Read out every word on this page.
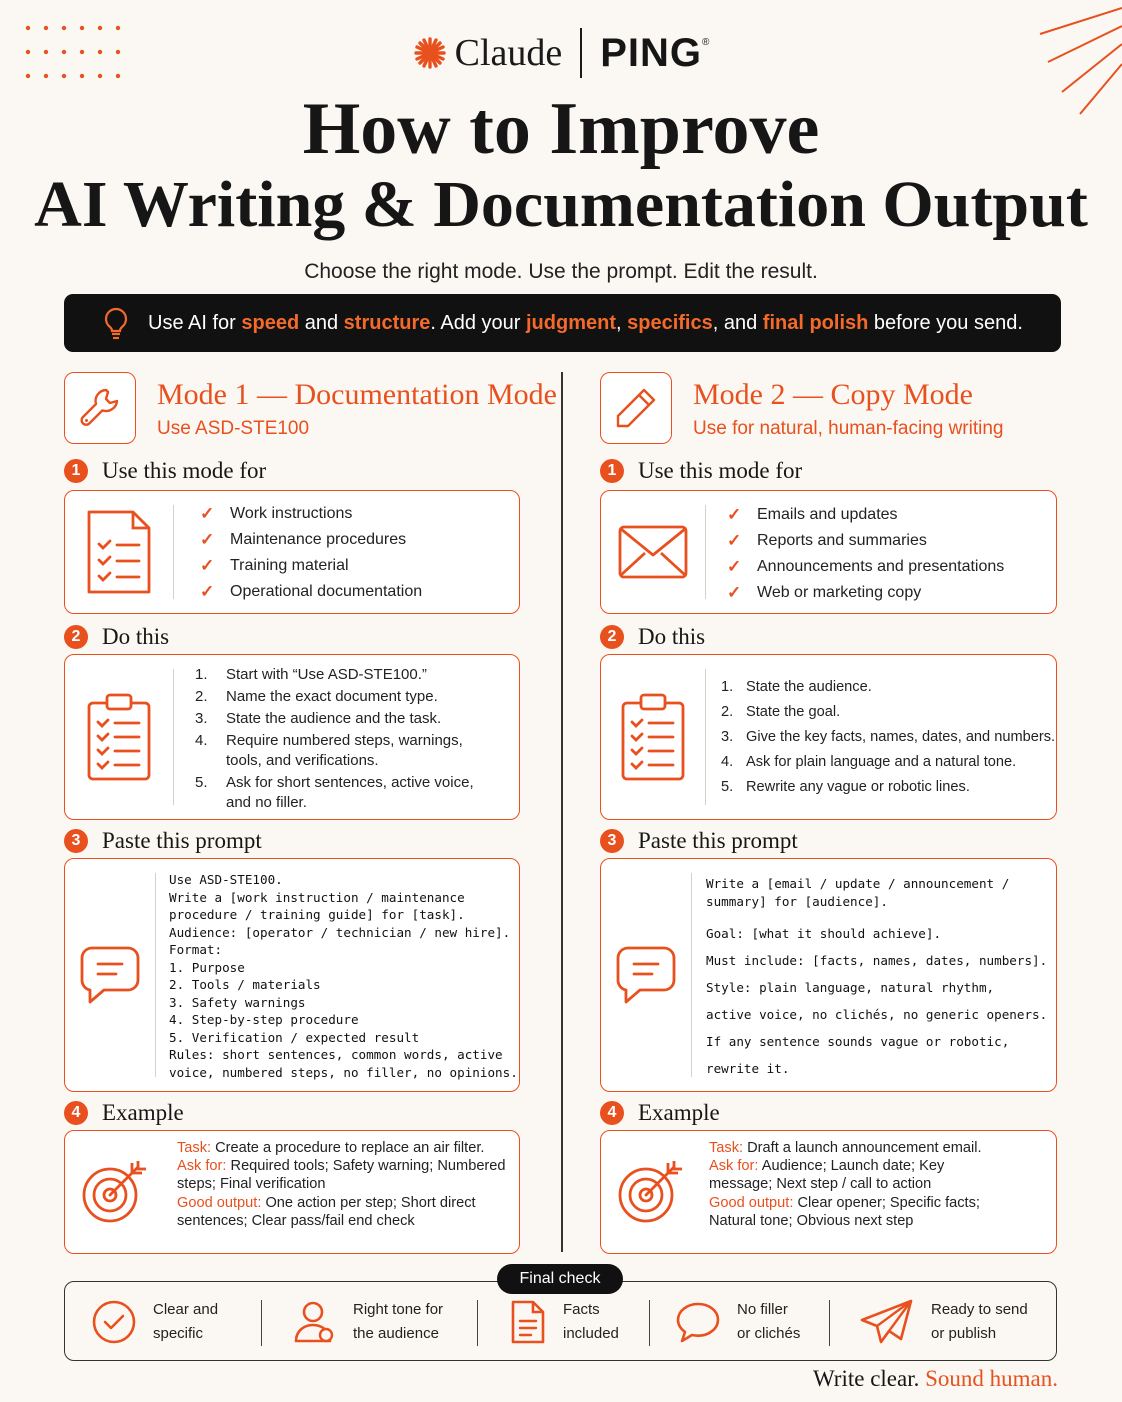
Claude PING ®
How to Improve
AI Writing & Documentation Output
Choose the right mode. Use the prompt. Edit the result.
Use AI for speed and structure. Add your judgment, specifics, and final polish before you send.
Mode 1 — Documentation Mode
Use ASD-STE100
1 Use this mode for
✓ Work instructions
✓ Maintenance procedures
✓ Training material
✓ Operational documentation
2 Do this
1.	Start with “Use ASD-STE100.”
2.	Name the exact document type.
3.	State the audience and the task.
4.	Require numbered steps, warnings, tools, and verifications.
5.	Ask for short sentences, active voice, and no filler.
3 Paste this prompt
Use ASD-STE100.
Write a [work instruction / maintenance
procedure / training guide] for [task].
Audience: [operator / technician / new hire].
Format:
1. Purpose
2. Tools / materials
3. Safety warnings
4. Step-by-step procedure
5. Verification / expected result
Rules: short sentences, common words, active
voice, numbered steps, no filler, no opinions.
4 Example
Task: Create a procedure to replace an air filter.
Ask for: Required tools; Safety warning; Numbered steps; Final verification
Good output: One action per step; Short direct sentences; Clear pass/fail end check
Mode 2 — Copy Mode
Use for natural, human-facing writing
1 Use this mode for
✓ Emails and updates
✓ Reports and summaries
✓ Announcements and presentations
✓ Web or marketing copy
2 Do this
1. State the audience.
2. State the goal.
3. Give the key facts, names, dates, and numbers.
4. Ask for plain language and a natural tone.
5. Rewrite any vague or robotic lines.
3 Paste this prompt
Write a [email / update / announcement /
summary] for [audience].
Goal: [what it should achieve].
Must include: [facts, names, dates, numbers].
Style: plain language, natural rhythm,
active voice, no clichés, no generic openers.
If any sentence sounds vague or robotic,
rewrite it.
4 Example
Task: Draft a launch announcement email.
Ask for: Audience; Launch date; Key message; Next step / call to action
Good output: Clear opener; Specific facts; Natural tone; Obvious next step
Final check
Clear and
specific
Right tone for
the audience
Facts
included
No filler
or clichés
Ready to send
or publish
Write clear. Sound human.
